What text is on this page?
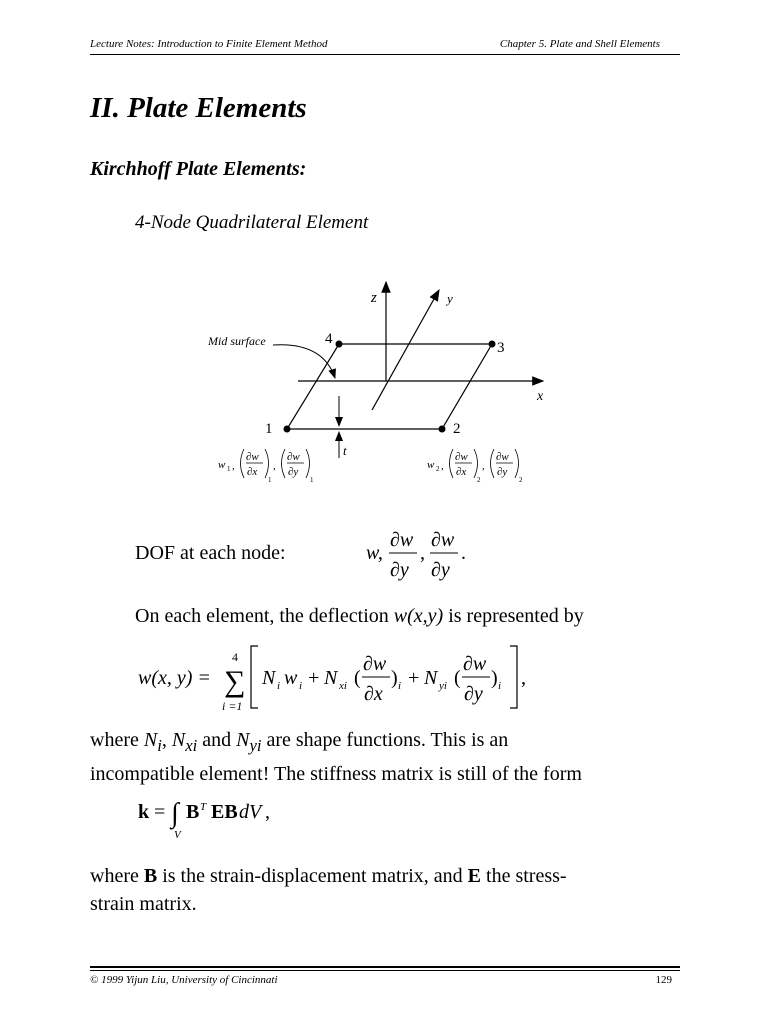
Lecture Notes: Introduction to Finite Element Method	Chapter 5. Plate and Shell Elements
II. Plate Elements
Kirchhoff Plate Elements:
4-Node Quadrilateral Element
z	y
x
1	2
3
4
Mid surface
t
w 1 ,
∂w
∂x
1
,
∂w
∂y
1
w 2 ,
∂w
∂x
2
,
∂w
∂y
2
DOF at each node:	w,
∂w
∂y
,
∂w
∂y
.
On each element, the deflection w(x,y) is represented by
w(x, y) =
4
∑
i =1
N i w i + N xi (
∂w
∂x
) i + N yi (
∂w
∂y
) i ,
where $N_i$, $N_{xi}$ and $N_{yi}$ are shape functions. This is an
incompatible element! The stiffness matrix is still of the form
k = ∫
V
B T EB dV ,
where B is the strain-displacement matrix, and E the stress-
strain matrix.
© 1999 Yijun Liu, University of Cincinnati	129
